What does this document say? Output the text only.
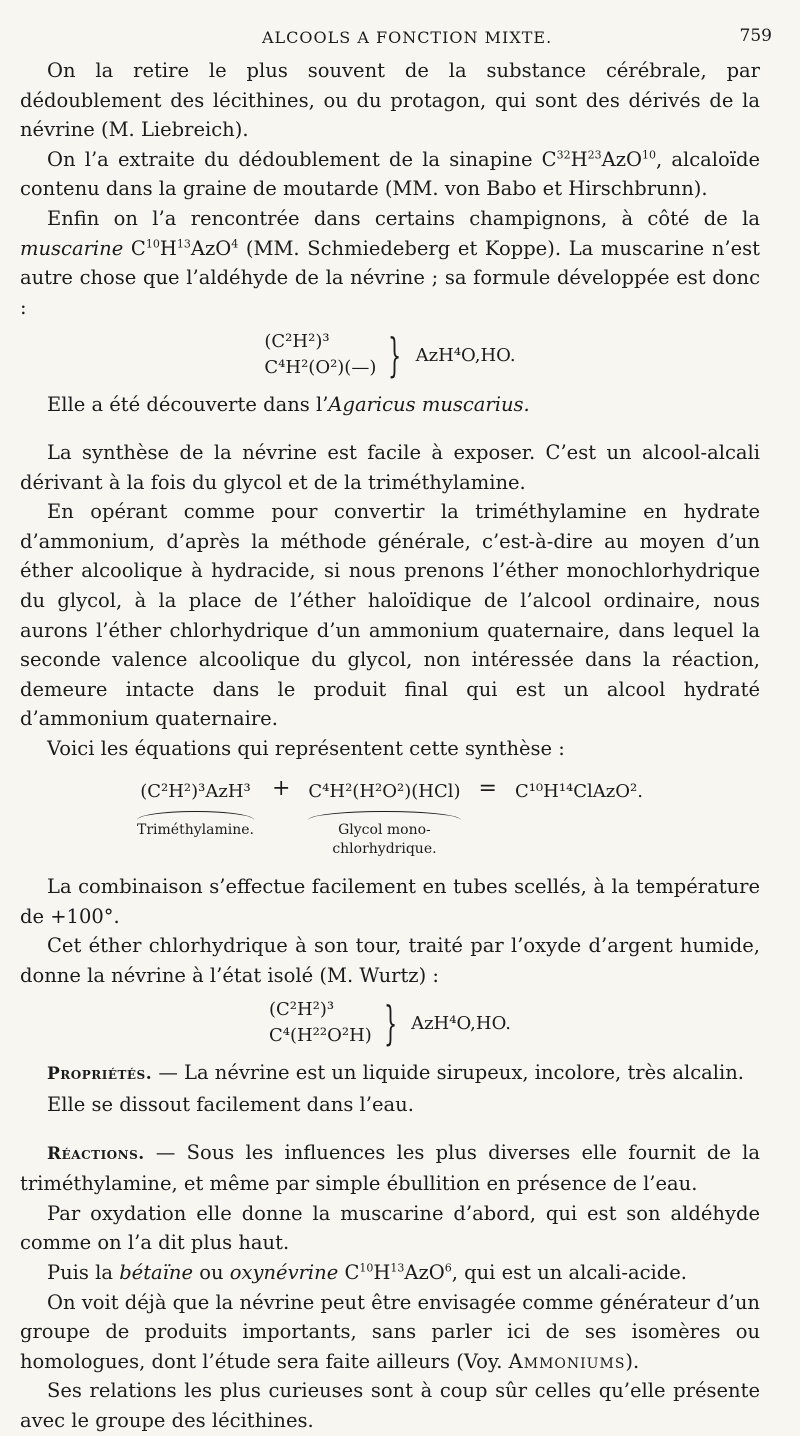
ALCOOLS A FONCTION MIXTE.	759

On la retire le plus souvent de la substance cérébrale, par dédoublement des lécithines, ou du protagon, qui sont des dérivés de la névrine (M. Liebreich).

On l’a extraite du dédoublement de la sinapine $C^{32}H^{23}AzO^{10}$, alcaloïde contenu dans la graine de moutarde (MM. von Babo et Hirschbrunn).

Enfin on l’a rencontrée dans certains champignons, à côté de la muscarine $C^{10}H^{13}AzO^4$ (MM. Schmiedeberg et Koppe). La muscarine n’est autre chose que l’aldéhyde de la névrine ; sa formule développée est donc :

(C²H²)³
C⁴H²(O²)(—) } AzH⁴O,HO.

Elle a été découverte dans l’Agaricus muscarius.

La synthèse de la névrine est facile à exposer. C’est un alcool-alcali dérivant à la fois du glycol et de la triméthylamine.

En opérant comme pour convertir la triméthylamine en hydrate d’ammonium, d’après la méthode générale, c’est-à-dire au moyen d’un éther alcoolique à hydracide, si nous prenons l’éther monochlorhydrique du glycol, à la place de l’éther haloïdique de l’alcool ordinaire, nous aurons l’éther chlorhydrique d’un ammonium quaternaire, dans lequel la seconde valence alcoolique du glycol, non intéressée dans la réaction, demeure intacte dans le produit final qui est un alcool hydraté d’ammonium quaternaire.

Voici les équations qui représentent cette synthèse :

(C²H²)³AzH³
Triméthylamine.
+ C⁴H²(H²O²)(HCl)
Glycol mono-
chlorhydrique.
= C¹⁰H¹⁴ClAzO².

La combinaison s’effectue facilement en tubes scellés, à la température de +100°.

Cet éther chlorhydrique à son tour, traité par l’oxyde d’argent humide, donne la névrine à l’état isolé (M. Wurtz) :

(C²H²)³
C⁴(H²²O²H) } AzH⁴O,HO.

Propriétés. — La névrine est un liquide sirupeux, incolore, très alcalin.

Elle se dissout facilement dans l’eau.

Réactions. — Sous les influences les plus diverses elle fournit de la triméthylamine, et même par simple ébullition en présence de l’eau.

Par oxydation elle donne la muscarine d’abord, qui est son aldéhyde comme on l’a dit plus haut.

Puis la bétaïne ou oxynévrine $C^{10}H^{13}AzO^6$, qui est un alcali-acide.

On voit déjà que la névrine peut être envisagée comme générateur d’un groupe de produits importants, sans parler ici de ses isomères ou homologues, dont l’étude sera faite ailleurs (Voy. Ammoniums).

Ses relations les plus curieuses sont à coup sûr celles qu’elle présente avec le groupe des lécithines.
